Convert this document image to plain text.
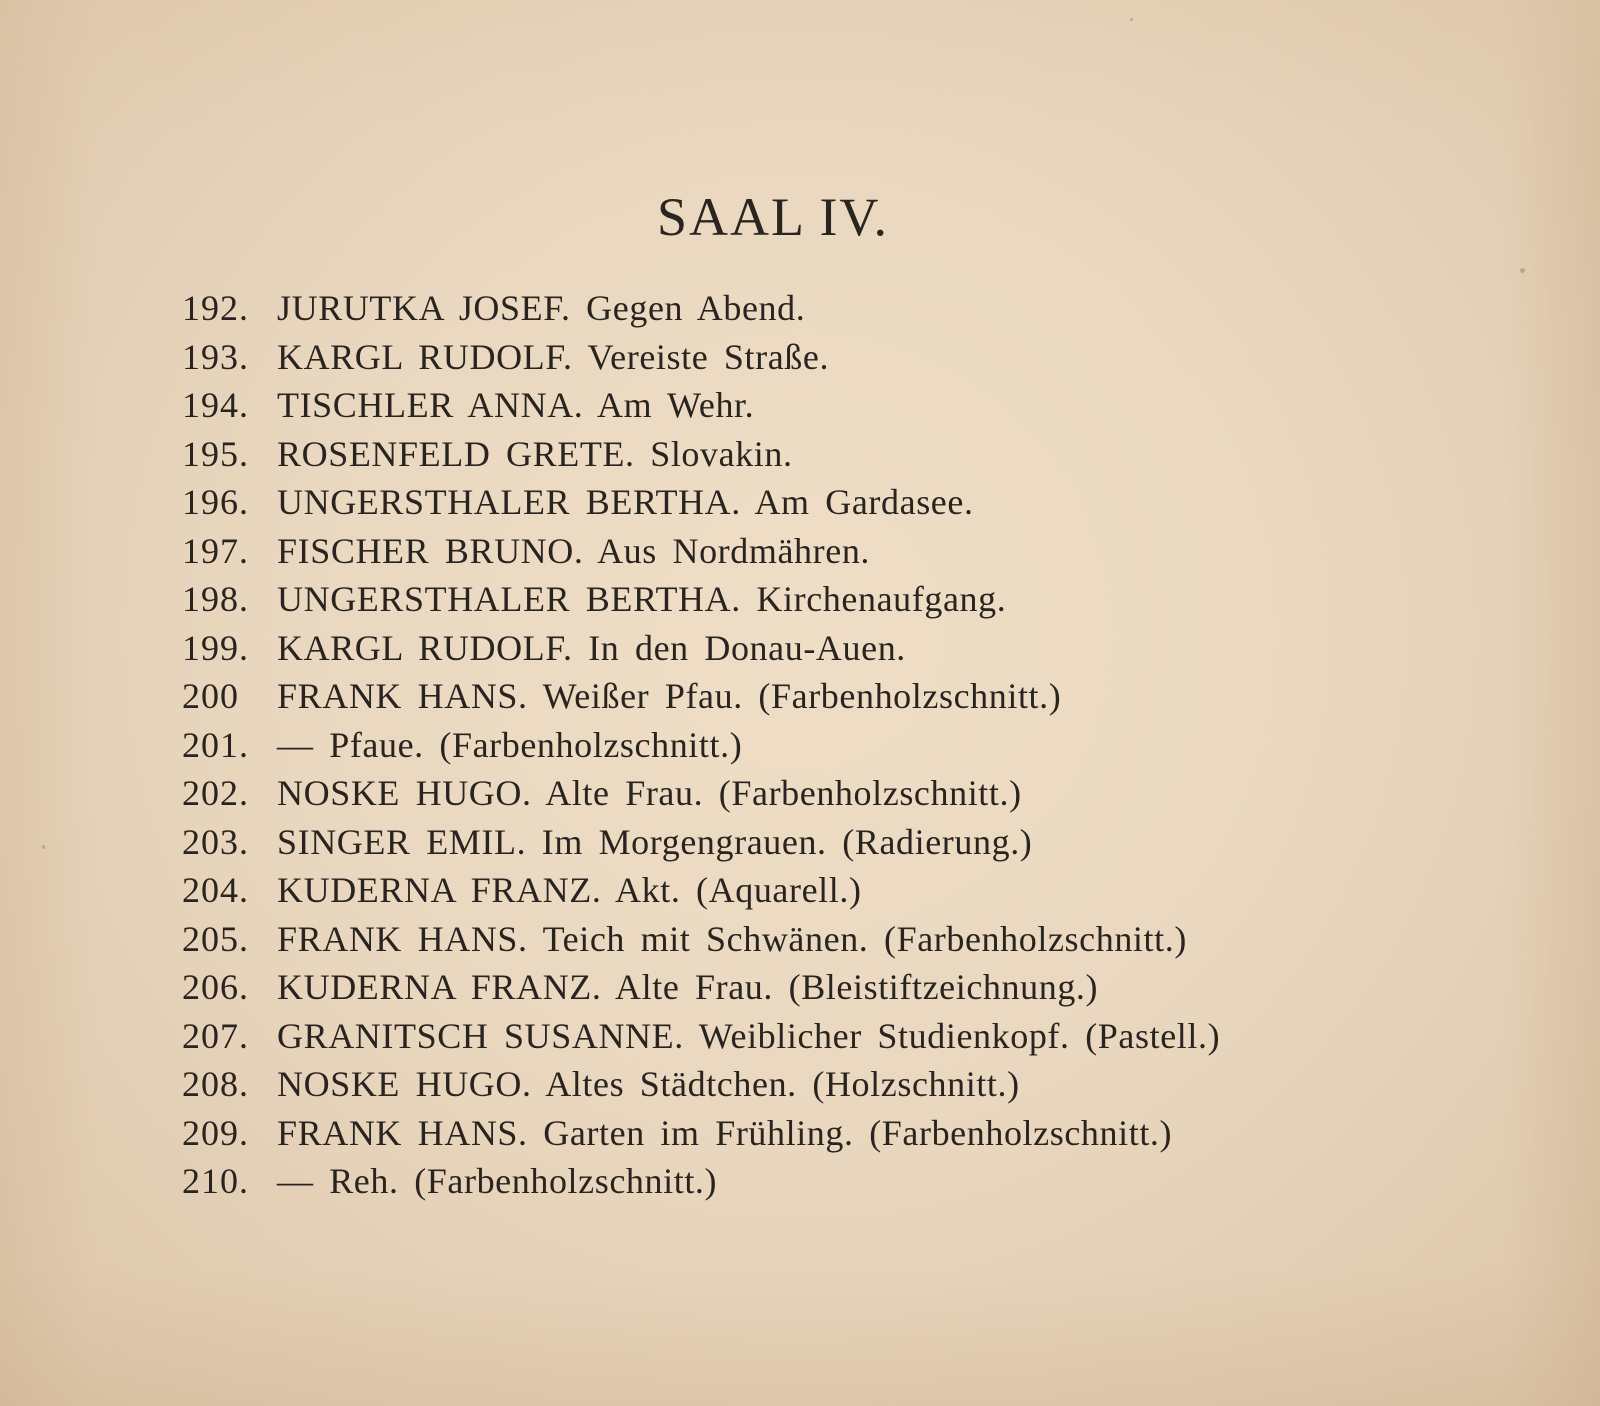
SAAL IV.
192. JURUTKA JOSEF. Gegen Abend.
193. KARGL RUDOLF. Vereiste Straße.
194. TISCHLER ANNA. Am Wehr.
195. ROSENFELD GRETE. Slovakin.
196. UNGERSTHALER BERTHA. Am Gardasee.
197. FISCHER BRUNO. Aus Nordmähren.
198. UNGERSTHALER BERTHA. Kirchenaufgang.
199. KARGL RUDOLF. In den Donau-Auen.
200	FRANK HANS. Weißer Pfau. (Farbenholzschnitt.)
201. — Pfaue. (Farbenholzschnitt.)
202. NOSKE HUGO. Alte Frau. (Farbenholzschnitt.)
203. SINGER EMIL. Im Morgengrauen. (Radierung.)
204. KUDERNA FRANZ. Akt. (Aquarell.)
205. FRANK HANS. Teich mit Schwänen. (Farbenholzschnitt.)
206. KUDERNA FRANZ. Alte Frau. (Bleistiftzeichnung.)
207. GRANITSCH SUSANNE. Weiblicher Studienkopf. (Pastell.)
208. NOSKE HUGO. Altes Städtchen. (Holzschnitt.)
209. FRANK HANS. Garten im Frühling. (Farbenholzschnitt.)
210. — Reh. (Farbenholzschnitt.)
